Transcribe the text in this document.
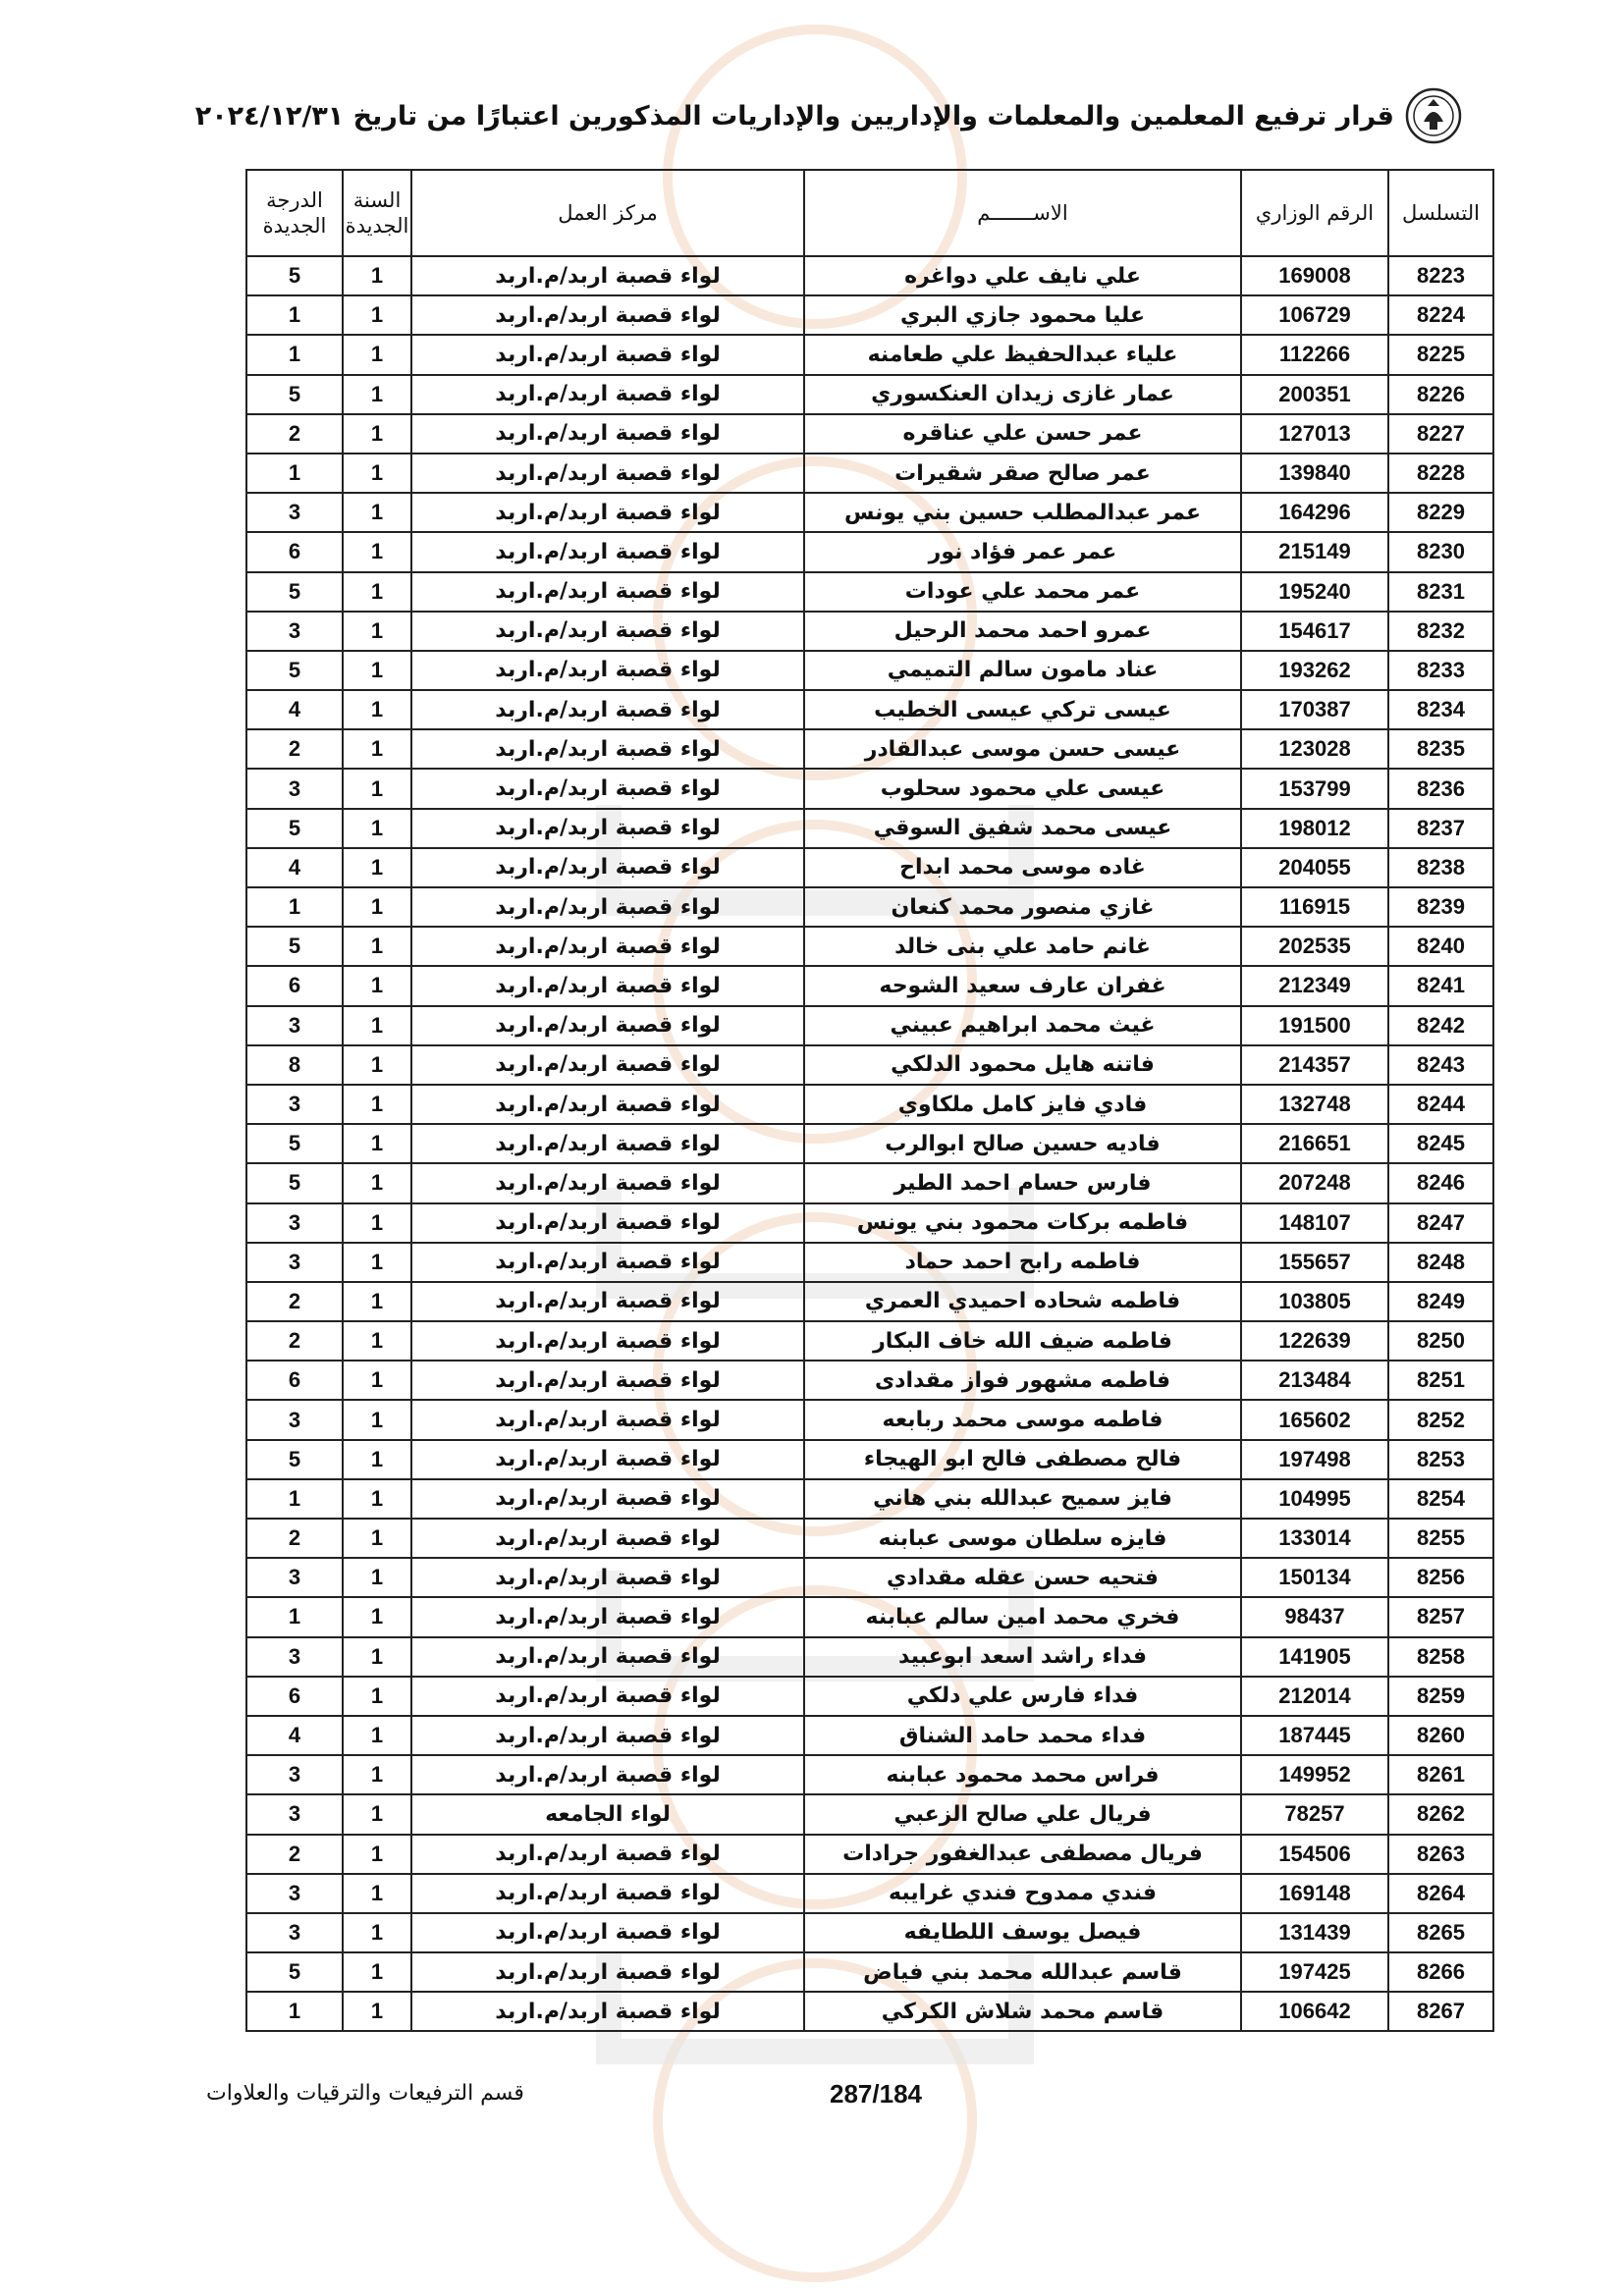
قرار ترفيع المعلمين والمعلمات والإداريين والإداريات المذكورين اعتبارًا من تاريخ ٢٠٢٤/١٢/٣١
التسلسل	الرقم الوزاري	الاســـــــم	مركز العمل	السنة الجديدة	الدرجة الجديدة
8223	169008	علي نايف علي دواغره	لواء قصبة اربد/م.اربد	1	5
8224	106729	عليا محمود جازي البري	لواء قصبة اربد/م.اربد	1	1
8225	112266	علياء عبدالحفيظ علي طعامنه	لواء قصبة اربد/م.اربد	1	1
8226	200351	عمار غازى زيدان العنكسوري	لواء قصبة اربد/م.اربد	1	5
8227	127013	عمر حسن علي عناقره	لواء قصبة اربد/م.اربد	1	2
8228	139840	عمر صالح صقر شقيرات	لواء قصبة اربد/م.اربد	1	1
8229	164296	عمر عبدالمطلب حسين بني يونس	لواء قصبة اربد/م.اربد	1	3
8230	215149	عمر عمر فؤاد نور	لواء قصبة اربد/م.اربد	1	6
8231	195240	عمر محمد علي عودات	لواء قصبة اربد/م.اربد	1	5
8232	154617	عمرو احمد محمد الرحيل	لواء قصبة اربد/م.اربد	1	3
8233	193262	عناد مامون سالم التميمي	لواء قصبة اربد/م.اربد	1	5
8234	170387	عيسى تركي عيسى الخطيب	لواء قصبة اربد/م.اربد	1	4
8235	123028	عيسى حسن موسى عبدالقادر	لواء قصبة اربد/م.اربد	1	2
8236	153799	عيسى علي محمود سحلوب	لواء قصبة اربد/م.اربد	1	3
8237	198012	عيسى محمد شفيق السوقي	لواء قصبة اربد/م.اربد	1	5
8238	204055	غاده موسى محمد ابداح	لواء قصبة اربد/م.اربد	1	4
8239	116915	غازي منصور محمد كنعان	لواء قصبة اربد/م.اربد	1	1
8240	202535	غانم حامد علي بنى خالد	لواء قصبة اربد/م.اربد	1	5
8241	212349	غفران عارف سعيد الشوحه	لواء قصبة اربد/م.اربد	1	6
8242	191500	غيث محمد ابراهيم عبيني	لواء قصبة اربد/م.اربد	1	3
8243	214357	فاتنه هايل محمود الدلكي	لواء قصبة اربد/م.اربد	1	8
8244	132748	فادي فايز كامل ملكاوي	لواء قصبة اربد/م.اربد	1	3
8245	216651	فاديه حسين صالح ابوالرب	لواء قصبة اربد/م.اربد	1	5
8246	207248	فارس حسام احمد الطير	لواء قصبة اربد/م.اربد	1	5
8247	148107	فاطمه بركات محمود بني يونس	لواء قصبة اربد/م.اربد	1	3
8248	155657	فاطمه رابح احمد حماد	لواء قصبة اربد/م.اربد	1	3
8249	103805	فاطمه شحاده احميدي العمري	لواء قصبة اربد/م.اربد	1	2
8250	122639	فاطمه ضيف الله خاف البكار	لواء قصبة اربد/م.اربد	1	2
8251	213484	فاطمه مشهور فواز مقدادى	لواء قصبة اربد/م.اربد	1	6
8252	165602	فاطمه موسى محمد ربابعه	لواء قصبة اربد/م.اربد	1	3
8253	197498	فالح مصطفى فالح ابو الهيجاء	لواء قصبة اربد/م.اربد	1	5
8254	104995	فايز سميح عبدالله بني هاني	لواء قصبة اربد/م.اربد	1	1
8255	133014	فايزه سلطان موسى عبابنه	لواء قصبة اربد/م.اربد	1	2
8256	150134	فتحيه حسن عقله مقدادي	لواء قصبة اربد/م.اربد	1	3
8257	98437	فخري محمد امين سالم عبابنه	لواء قصبة اربد/م.اربد	1	1
8258	141905	فداء راشد اسعد ابوعبيد	لواء قصبة اربد/م.اربد	1	3
8259	212014	فداء فارس علي دلكي	لواء قصبة اربد/م.اربد	1	6
8260	187445	فداء محمد حامد الشناق	لواء قصبة اربد/م.اربد	1	4
8261	149952	فراس محمد محمود عبابنه	لواء قصبة اربد/م.اربد	1	3
8262	78257	فريال علي صالح الزعبي	لواء الجامعه	1	3
8263	154506	فريال مصطفى عبدالغفور جرادات	لواء قصبة اربد/م.اربد	1	2
8264	169148	فندي ممدوح فندي غرايبه	لواء قصبة اربد/م.اربد	1	3
8265	131439	فيصل يوسف اللطايفه	لواء قصبة اربد/م.اربد	1	3
8266	197425	قاسم عبدالله محمد بني فياض	لواء قصبة اربد/م.اربد	1	5
8267	106642	قاسم محمد شلاش الكركي	لواء قصبة اربد/م.اربد	1	1
قسم الترفيعات والترقيات والعلاوات	287/184
